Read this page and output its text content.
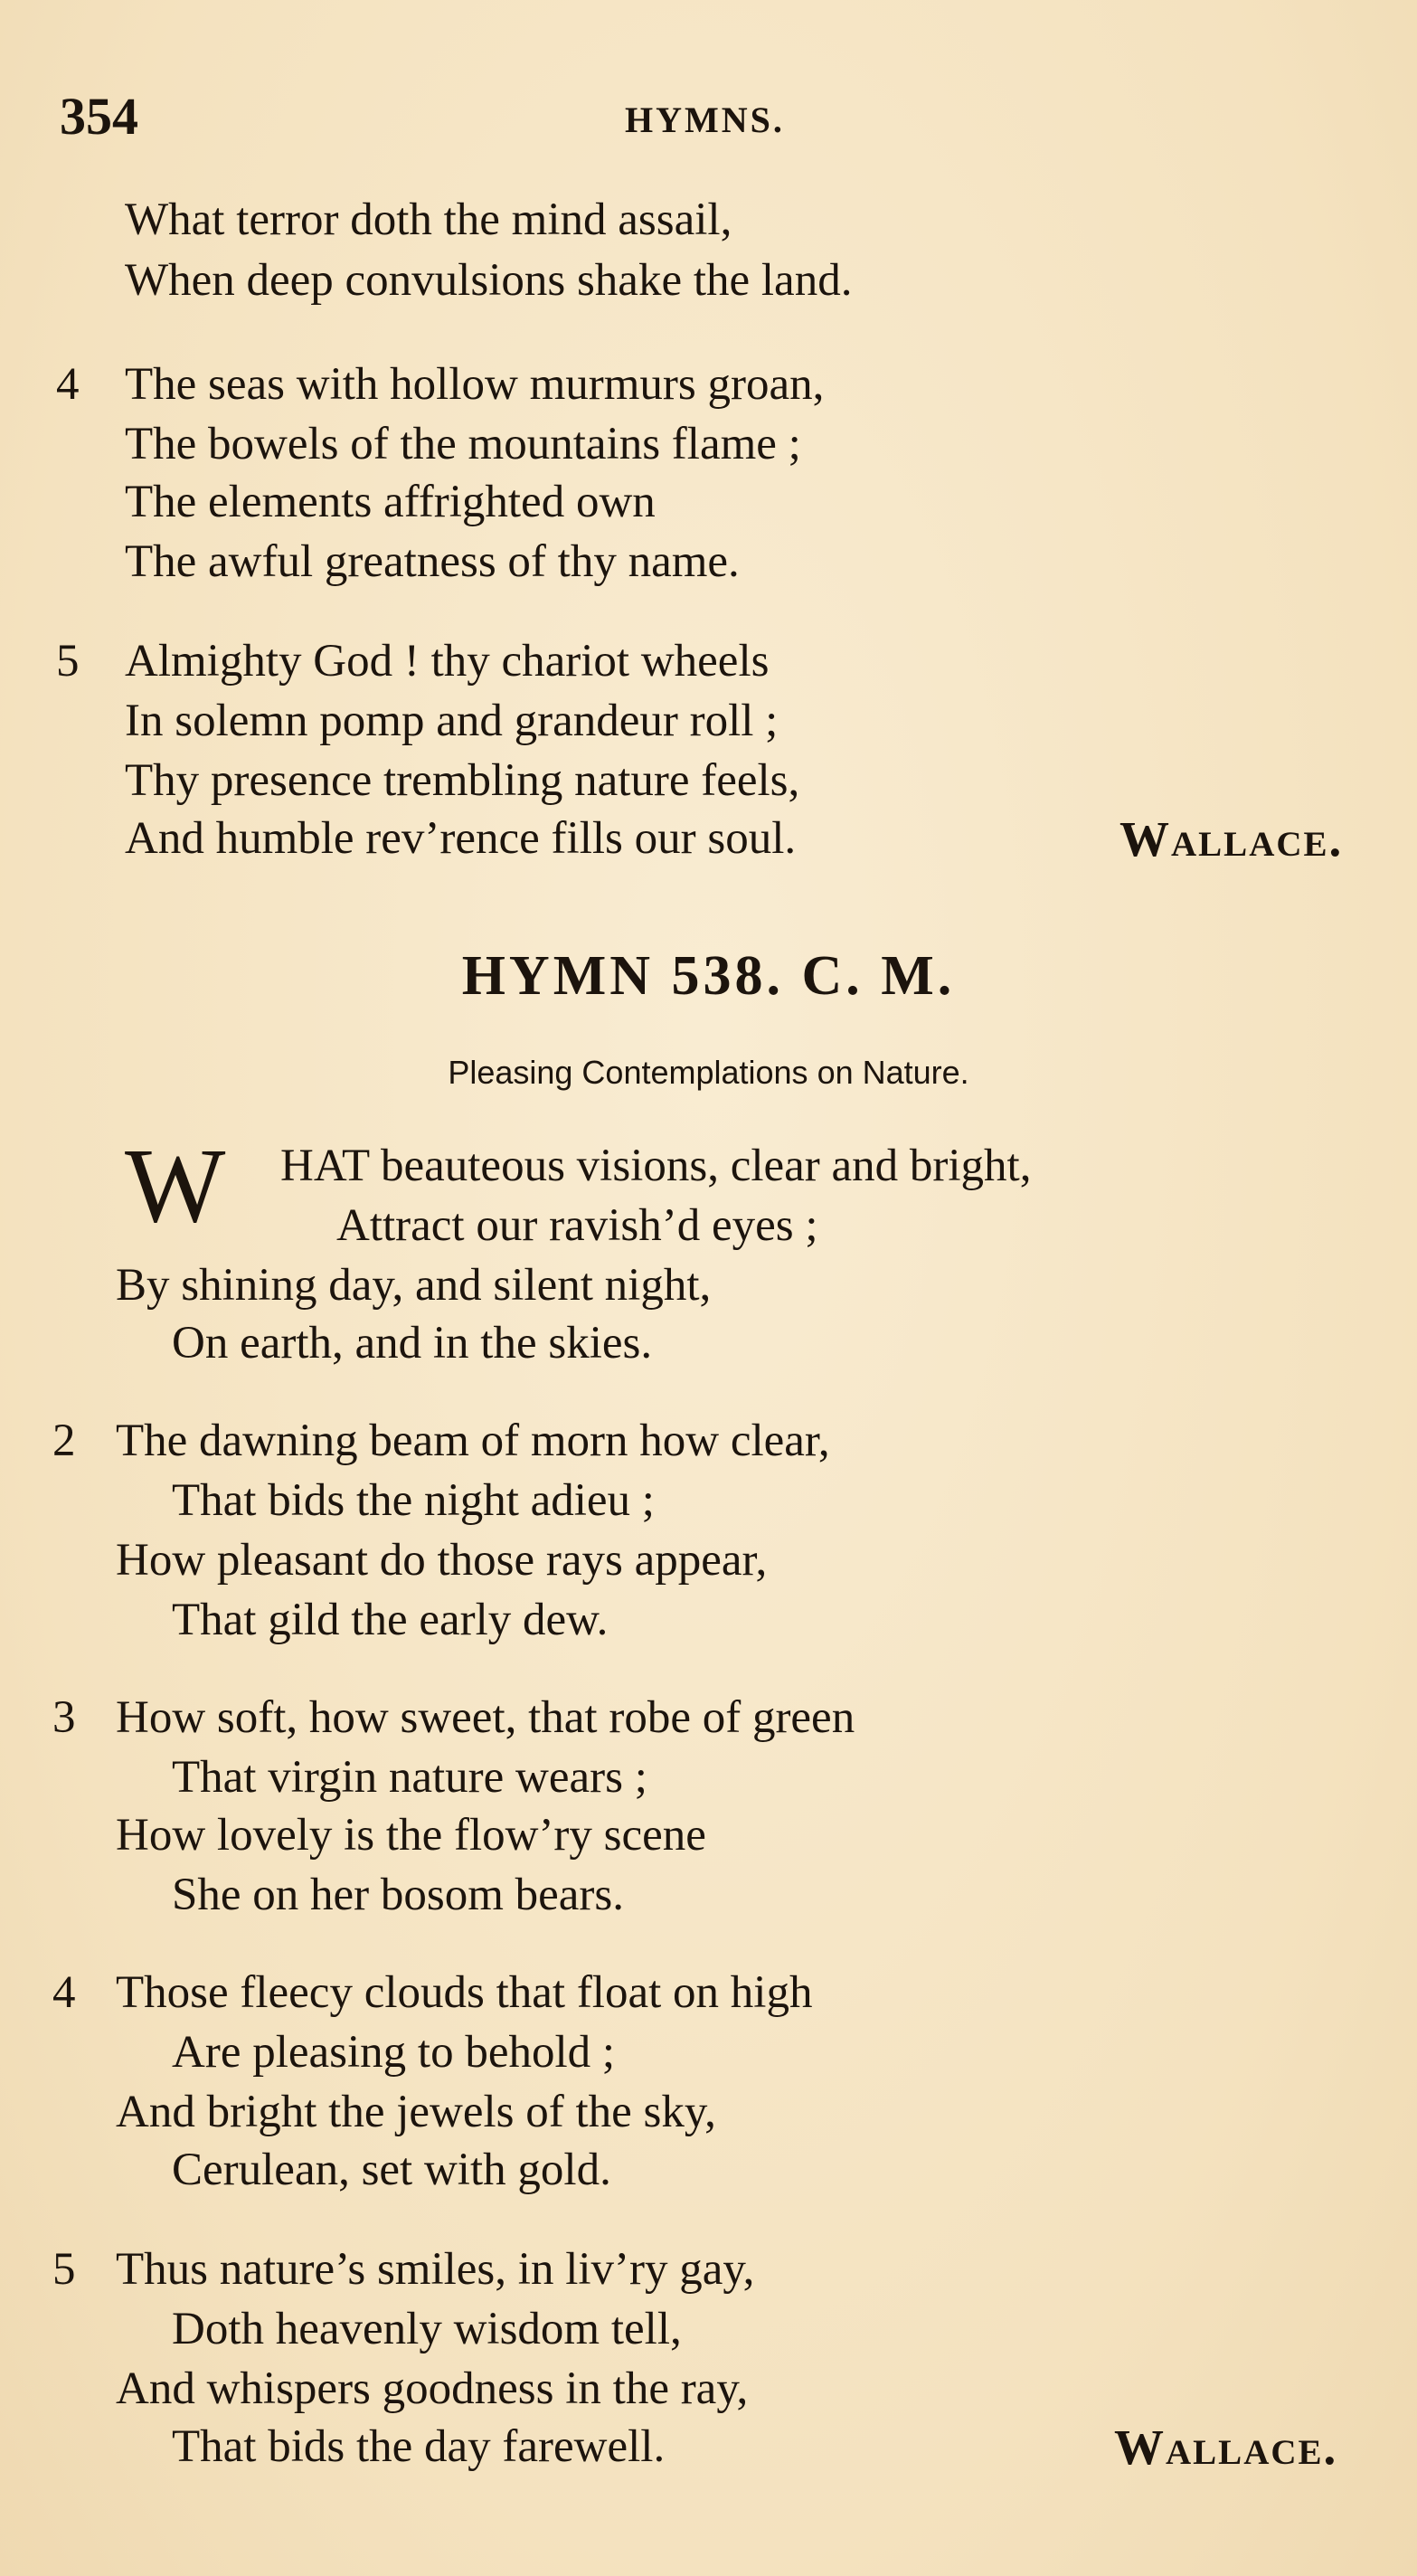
354	HYMNS.
What terror doth the mind assail,
When deep convulsions shake the land.
4 The seas with hollow murmurs groan,
The bowels of the mountains flame ;
The elements affrighted own
The awful greatness of thy name.
5 Almighty God ! thy chariot wheels
In solemn pomp and grandeur roll ;
Thy presence trembling nature feels,
And humble rev’rence fills our soul.	Wallace.
HYMN 538. C. M.
Pleasing Contemplations on Nature.
W HAT beauteous visions, clear and bright,
Attract our ravish’d eyes ;
By shining day, and silent night,
On earth, and in the skies.
2 The dawning beam of morn how clear,
That bids the night adieu ;
How pleasant do those rays appear,
That gild the early dew.
3 How soft, how sweet, that robe of green
That virgin nature wears ;
How lovely is the flow’ry scene
She on her bosom bears.
4 Those fleecy clouds that float on high
Are pleasing to behold ;
And bright the jewels of the sky,
Cerulean, set with gold.
5 Thus nature’s smiles, in liv’ry gay,
Doth heavenly wisdom tell,
And whispers goodness in the ray,
That bids the day farewell.	Wallace.
